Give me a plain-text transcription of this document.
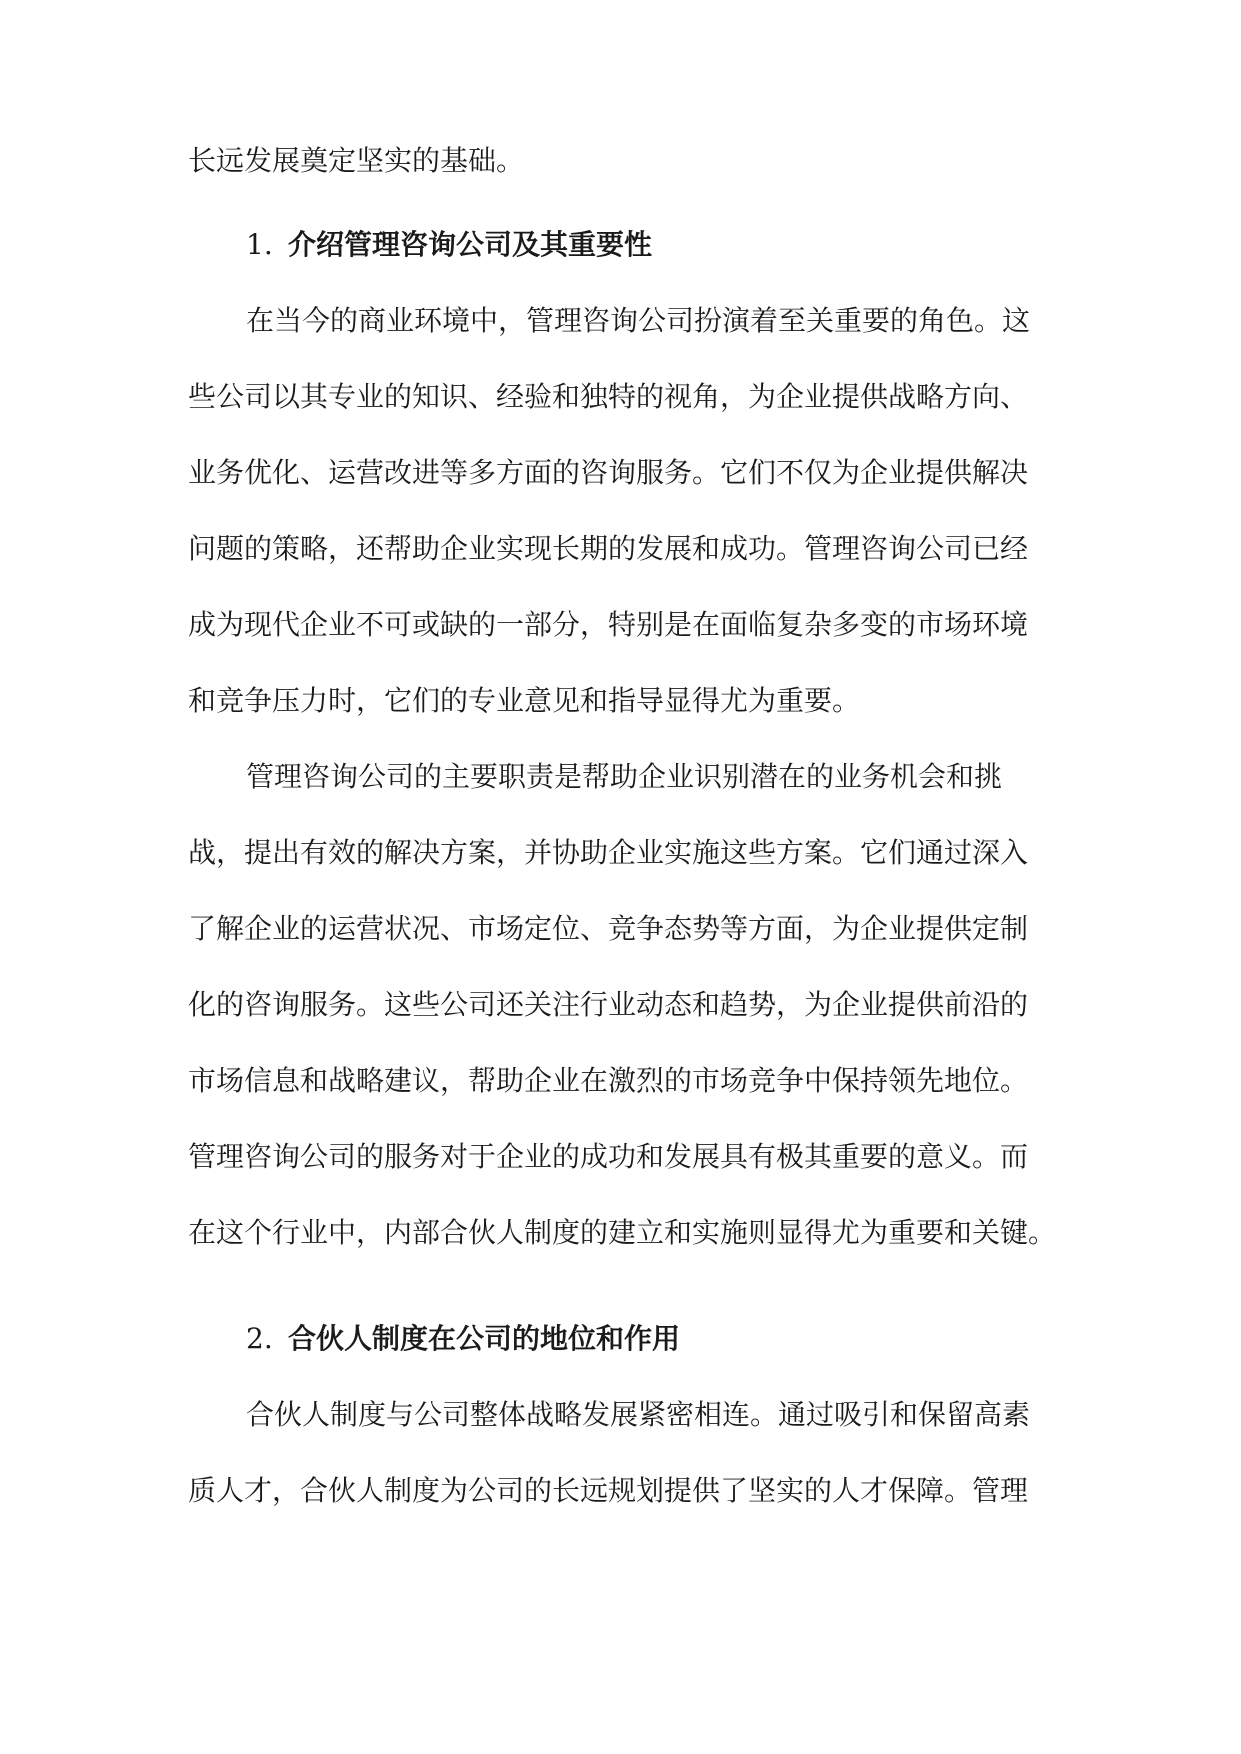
长远发展奠定坚实的基础。
1. 介绍管理咨询公司及其重要性
在当今的商业环境中，管理咨询公司扮演着至关重要的角色。这
些公司以其专业的知识、经验和独特的视角，为企业提供战略方向、
业务优化、运营改进等多方面的咨询服务。它们不仅为企业提供解决
问题的策略，还帮助企业实现长期的发展和成功。管理咨询公司已经
成为现代企业不可或缺的一部分，特别是在面临复杂多变的市场环境
和竞争压力时，它们的专业意见和指导显得尤为重要。
管理咨询公司的主要职责是帮助企业识别潜在的业务机会和挑
战，提出有效的解决方案，并协助企业实施这些方案。它们通过深入
了解企业的运营状况、市场定位、竞争态势等方面，为企业提供定制
化的咨询服务。这些公司还关注行业动态和趋势，为企业提供前沿的
市场信息和战略建议，帮助企业在激烈的市场竞争中保持领先地位。
管理咨询公司的服务对于企业的成功和发展具有极其重要的意义。而
在这个行业中，内部合伙人制度的建立和实施则显得尤为重要和关键。
2. 合伙人制度在公司的地位和作用
合伙人制度与公司整体战略发展紧密相连。通过吸引和保留高素
质人才，合伙人制度为公司的长远规划提供了坚实的人才保障。管理
